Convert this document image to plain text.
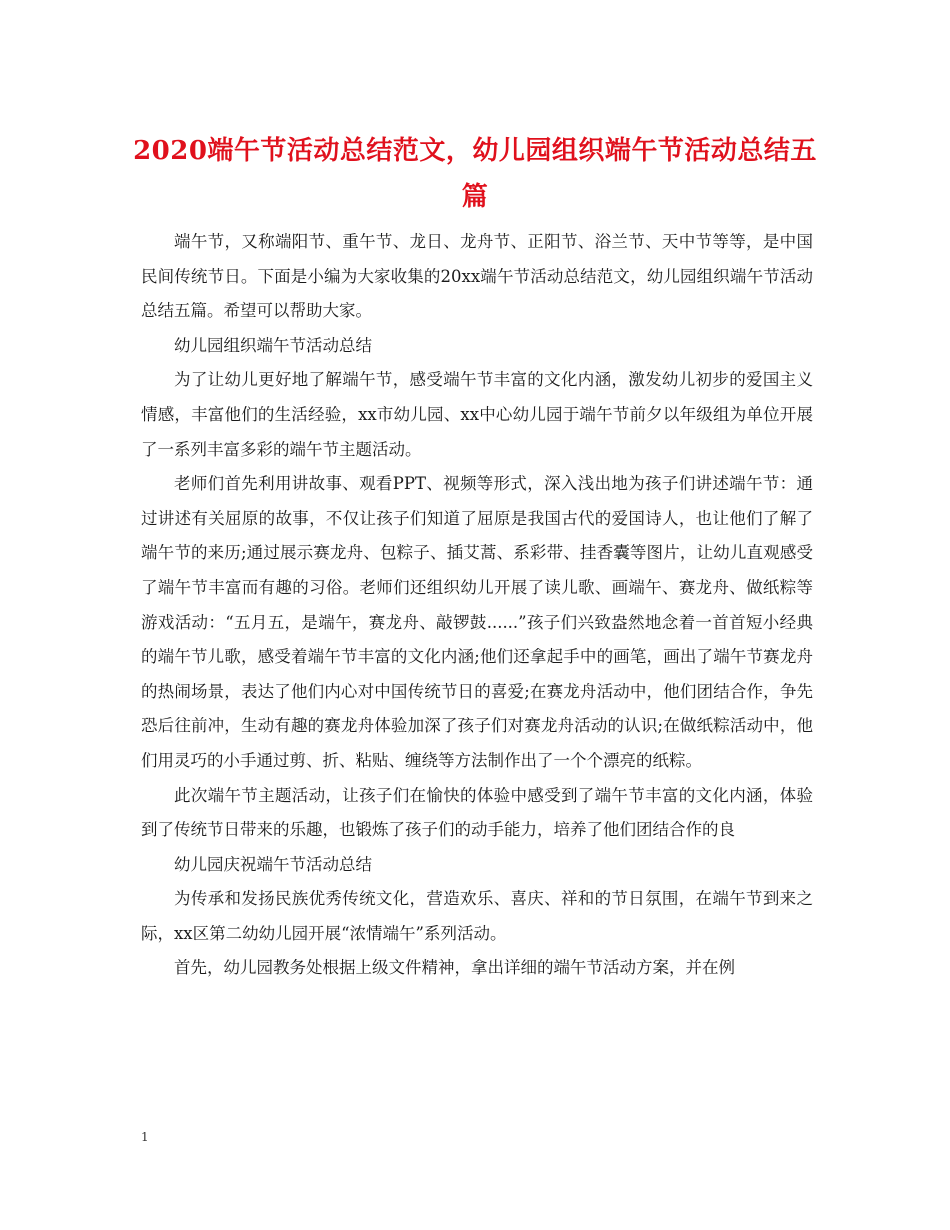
2020端午节活动总结范文，幼儿园组织端午节活动总结五篇

端午节，又称端阳节、重午节、龙日、龙舟节、正阳节、浴兰节、天中节等等，是中国民间传统节日。下面是小编为大家收集的20xx端午节活动总结范文，幼儿园组织端午节活动总结五篇。希望可以帮助大家。

幼儿园组织端午节活动总结

为了让幼儿更好地了解端午节，感受端午节丰富的文化内涵，激发幼儿初步的爱国主义情感，丰富他们的生活经验，xx市幼儿园、xx中心幼儿园于端午节前夕以年级组为单位开展了一系列丰富多彩的端午节主题活动。

老师们首先利用讲故事、观看PPT、视频等形式，深入浅出地为孩子们讲述端午节：通过讲述有关屈原的故事，不仅让孩子们知道了屈原是我国古代的爱国诗人，也让他们了解了端午节的来历;通过展示赛龙舟、包粽子、插艾蒿、系彩带、挂香囊等图片，让幼儿直观感受了端午节丰富而有趣的习俗。老师们还组织幼儿开展了读儿歌、画端午、赛龙舟、做纸粽等游戏活动：“五月五，是端午，赛龙舟、敲锣鼓......”孩子们兴致盎然地念着一首首短小经典的端午节儿歌，感受着端午节丰富的文化内涵;他们还拿起手中的画笔，画出了端午节赛龙舟的热闹场景，表达了他们内心对中国传统节日的喜爱;在赛龙舟活动中，他们团结合作，争先恐后往前冲，生动有趣的赛龙舟体验加深了孩子们对赛龙舟活动的认识;在做纸粽活动中，他们用灵巧的小手通过剪、折、粘贴、缠绕等方法制作出了一个个漂亮的纸粽。

此次端午节主题活动，让孩子们在愉快的体验中感受到了端午节丰富的文化内涵，体验到了传统节日带来的乐趣，也锻炼了孩子们的动手能力，培养了他们团结合作的良

幼儿园庆祝端午节活动总结

为传承和发扬民族优秀传统文化，营造欢乐、喜庆、祥和的节日氛围，在端午节到来之际，xx区第二幼幼儿园开展“浓情端午”系列活动。

首先，幼儿园教务处根据上级文件精神，拿出详细的端午节活动方案，并在例

1
